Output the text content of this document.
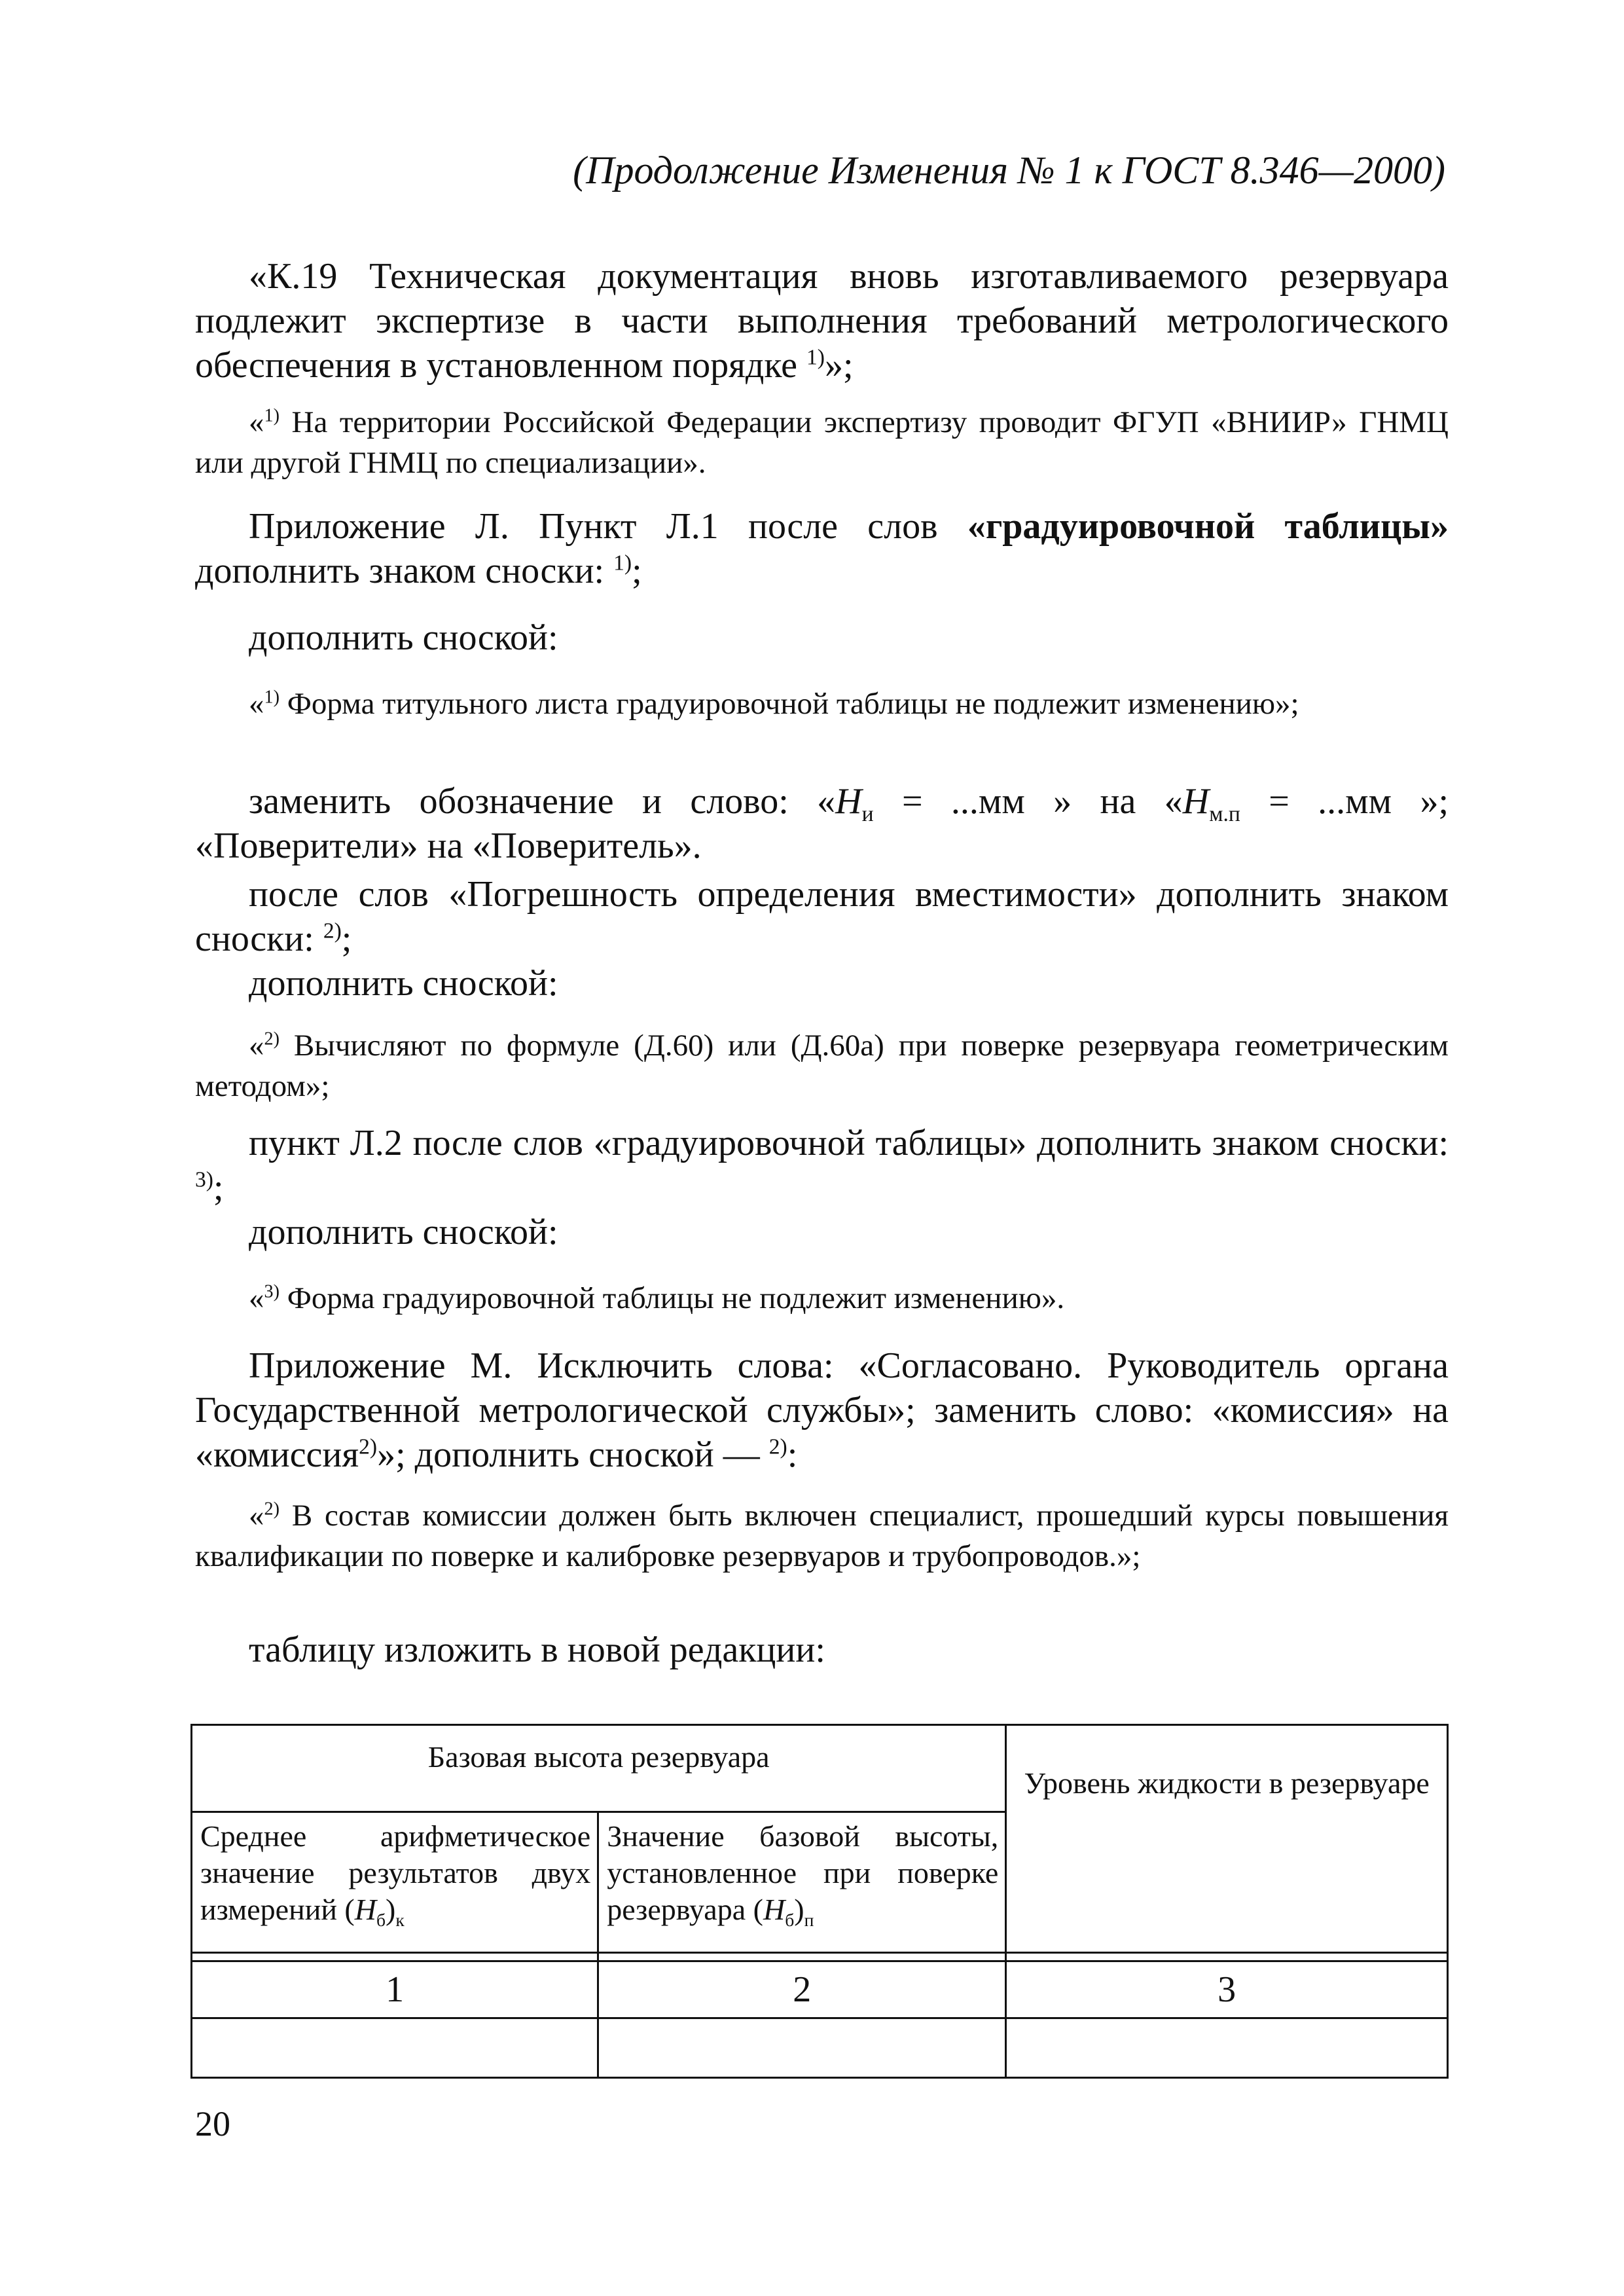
(Продолжение Изменения № 1 к ГОСТ 8.346—2000)

«К.19 Техническая документация вновь изготавливаемого резервуара подлежит экспертизе в части выполнения требований метрологического обеспечения в установленном порядке $^{1)}$»;

«$^{1)}$ На территории Российской Федерации экспертизу проводит ФГУП «ВНИИР» ГНМЦ или другой ГНМЦ по специализации».

Приложение Л. Пункт Л.1 после слов «градуировочной таблицы» дополнить знаком сноски: $^{1)}$;

дополнить сноской:

«$^{1)}$ Форма титульного листа градуировочной таблицы не подлежит изменению»;

заменить обозначение и слово: «$H_и = ...мм$ » на «$H_{м.п} = ...мм$ »; «Поверители» на «Поверитель».

после слов «Погрешность определения вместимости» дополнить знаком сноски: $^{2)}$;

дополнить сноской:

«$^{2)}$ Вычисляют по формуле (Д.60) или (Д.60а) при поверке резервуара геометрическим методом»;

пункт Л.2 после слов «градуировочной таблицы» дополнить знаком сноски: $^{3)}$;

дополнить сноской:

«$^{3)}$ Форма градуировочной таблицы не подлежит изменению».

Приложение М. Исключить слова: «Согласовано. Руководитель органа Государственной метрологической службы»; заменить слово: «комиссия» на «комиссия$^{2)}$»; дополнить сноской — $^{2)}$:

«$^{2)}$ В состав комиссии должен быть включен специалист, прошедший курсы повышения квалификации по поверке и калибровке резервуаров и трубопроводов.»;

таблицу изложить в новой редакции:

Базовая высота резервуара		Уровень жидкости в резервуаре
Среднее арифметическое значение результатов двух измерений $(H_б)_к$	Значение базовой высоты, установленное при поверке резервуара $(H_б)_п$

1	2	3

20
